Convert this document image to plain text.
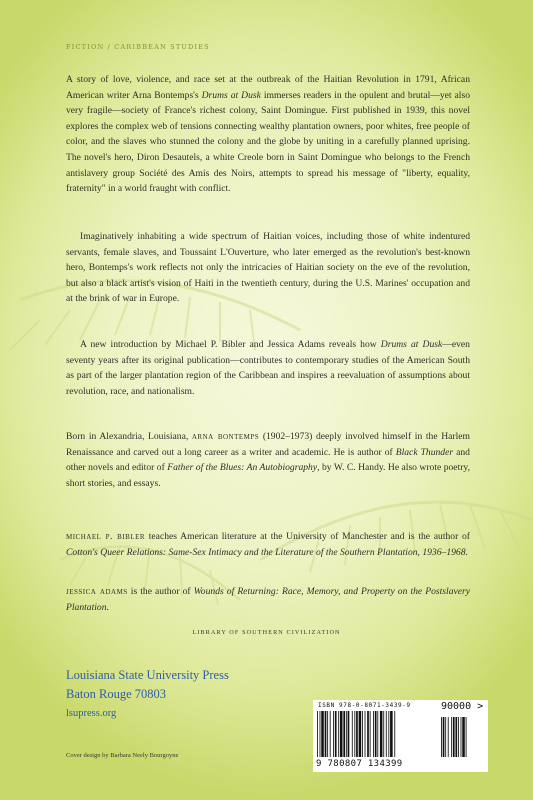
FICTION / CARIBBEAN STUDIES

A story of love, violence, and race set at the outbreak of the Haitian Revolution in 1791, African American writer Arna Bontemps's Drums at Dusk immerses readers in the opulent and brutal—yet also very fragile—society of France's richest colony, Saint Domingue. First published in 1939, this novel explores the complex web of tensions connecting wealthy plantation owners, poor whites, free people of color, and the slaves who stunned the colony and the globe by uniting in a carefully planned uprising. The novel's hero, Diron Desautels, a white Creole born in Saint Domingue who belongs to the French antislavery group Société des Amis des Noirs, attempts to spread his message of "liberty, equality, fraternity" in a world fraught with conflict.

Imaginatively inhabiting a wide spectrum of Haitian voices, including those of white indentured servants, female slaves, and Toussaint L'Ouverture, who later emerged as the revolution's best-known hero, Bontemps's work reflects not only the intricacies of Haitian society on the eve of the revolution, but also a black artist's vision of Haiti in the twentieth century, during the U.S. Marines' occupation and at the brink of war in Europe.

A new introduction by Michael P. Bibler and Jessica Adams reveals how Drums at Dusk—even seventy years after its original publication—contributes to contemporary studies of the American South as part of the larger plantation region of the Caribbean and inspires a reevaluation of assumptions about revolution, race, and nationalism.

Born in Alexandria, Louisiana, arna bontemps (1902–1973) deeply involved himself in the Harlem Renaissance and carved out a long career as a writer and academic. He is author of Black Thunder and other novels and editor of Father of the Blues: An Autobiography, by W. C. Handy. He also wrote poetry, short stories, and essays.

michael p. bibler teaches American literature at the University of Manchester and is the author of Cotton's Queer Relations: Same-Sex Intimacy and the Literature of the Southern Plantation, 1936–1968.

jessica adams is the author of Wounds of Returning: Race, Memory, and Property on the Postslavery Plantation.

LIBRARY OF SOUTHERN CIVILIZATION
Louisiana State University Press
Baton Rouge 70803
lsupress.org
Cover design by Barbara Neely Bourgoyne
ISBN 978-0-8071-3439-9	90000 >
9 780807 134399
